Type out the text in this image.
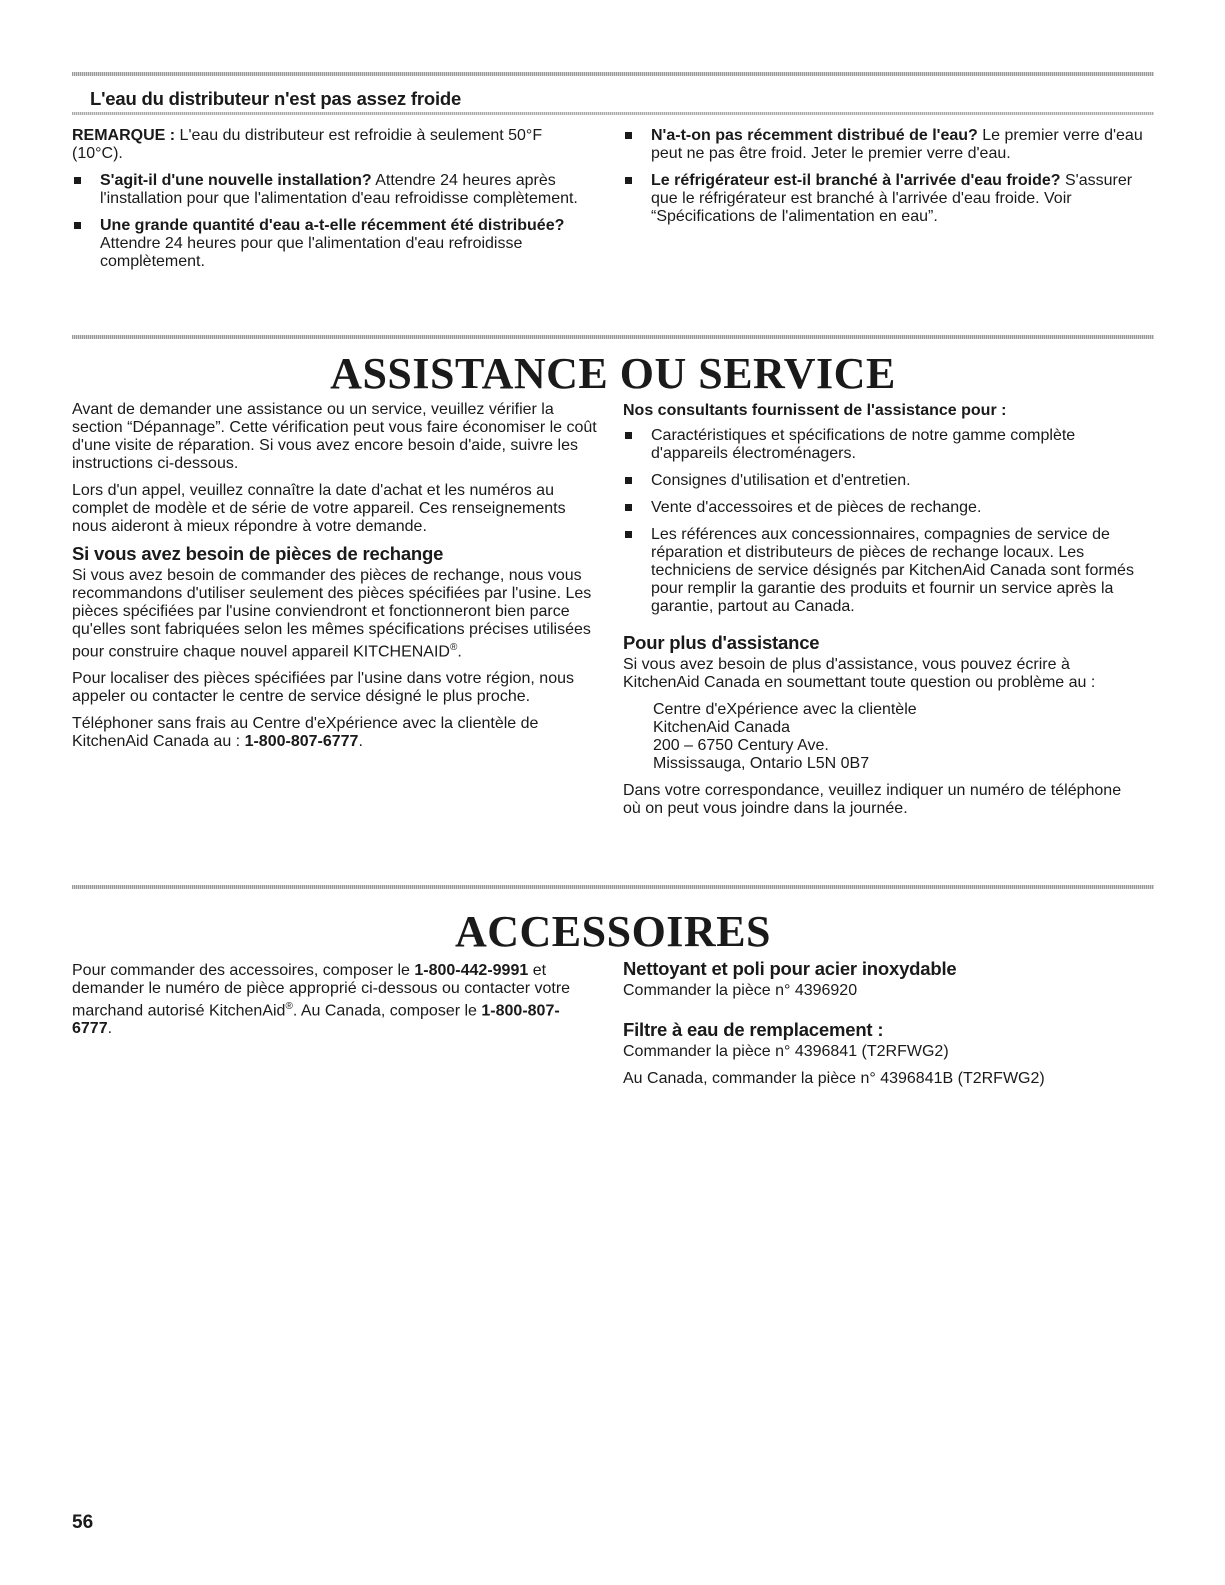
L'eau du distributeur n'est pas assez froide

REMARQUE : L'eau du distributeur est refroidie à seulement 50°F (10°C).

S'agit-il d'une nouvelle installation? Attendre 24 heures après l'installation pour que l'alimentation d'eau refroidisse complètement.
Une grande quantité d'eau a-t-elle récemment été distribuée? Attendre 24 heures pour que l'alimentation d'eau refroidisse complètement.
N'a-t-on pas récemment distribué de l'eau? Le premier verre d'eau peut ne pas être froid. Jeter le premier verre d'eau.
Le réfrigérateur est-il branché à l'arrivée d'eau froide? S'assurer que le réfrigérateur est branché à l'arrivée d'eau froide. Voir “Spécifications de l'alimentation en eau”.
ASSISTANCE OU SERVICE

Avant de demander une assistance ou un service, veuillez vérifier la section “Dépannage”. Cette vérification peut vous faire économiser le coût d'une visite de réparation. Si vous avez encore besoin d'aide, suivre les instructions ci-dessous.

Lors d'un appel, veuillez connaître la date d'achat et les numéros au complet de modèle et de série de votre appareil. Ces renseignements nous aideront à mieux répondre à votre demande.

Si vous avez besoin de pièces de rechange

Si vous avez besoin de commander des pièces de rechange, nous vous recommandons d'utiliser seulement des pièces spécifiées par l'usine. Les pièces spécifiées par l'usine conviendront et fonctionneront bien parce qu'elles sont fabriquées selon les mêmes spécifications précises utilisées pour construire chaque nouvel appareil KITCHENAID®.

Pour localiser des pièces spécifiées par l'usine dans votre région, nous appeler ou contacter le centre de service désigné le plus proche.

Téléphoner sans frais au Centre d'eXpérience avec la clientèle de KitchenAid Canada au : 1-800-807-6777.

Nos consultants fournissent de l'assistance pour :

Caractéristiques et spécifications de notre gamme complète d'appareils électroménagers.
Consignes d'utilisation et d'entretien.
Vente d'accessoires et de pièces de rechange.
Les références aux concessionnaires, compagnies de service de réparation et distributeurs de pièces de rechange locaux. Les techniciens de service désignés par KitchenAid Canada sont formés pour remplir la garantie des produits et fournir un service après la garantie, partout au Canada.
Pour plus d'assistance

Si vous avez besoin de plus d'assistance, vous pouvez écrire à KitchenAid Canada en soumettant toute question ou problème au :

Centre d'eXpérience avec la clientèle
KitchenAid Canada
200 – 6750 Century Ave.
Mississauga, Ontario L5N 0B7

Dans votre correspondance, veuillez indiquer un numéro de téléphone où on peut vous joindre dans la journée.

ACCESSOIRES

Pour commander des accessoires, composer le 1-800-442-9991 et demander le numéro de pièce approprié ci-dessous ou contacter votre marchand autorisé KitchenAid®. Au Canada, composer le 1-800-807-6777.

Nettoyant et poli pour acier inoxydable

Commander la pièce n° 4396920

Filtre à eau de remplacement :

Commander la pièce n° 4396841 (T2RFWG2)

Au Canada, commander la pièce n° 4396841B (T2RFWG2)

56
